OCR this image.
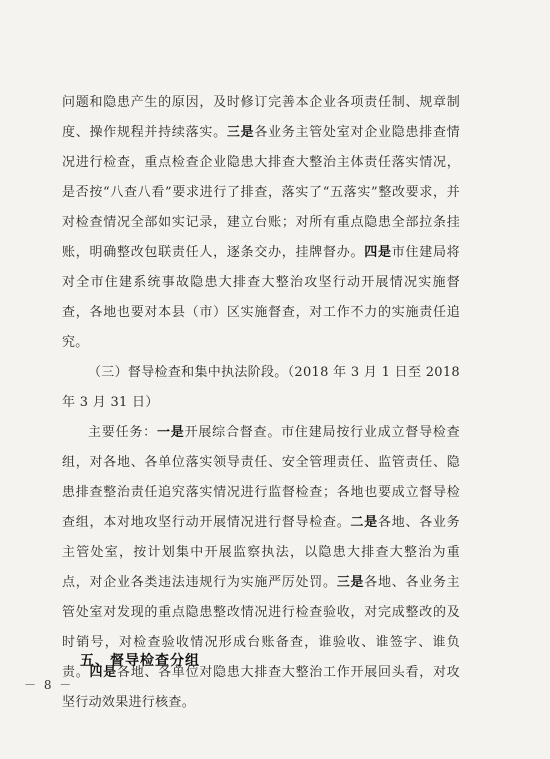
问题和隐患产生的原因，及时修订完善本企业各项责任制、规章制度、操作规程并持续落实。三是各业务主管处室对企业隐患排查情况进行检查，重点检查企业隐患大排查大整治主体责任落实情况，是否按“八查八看”要求进行了排查，落实了“五落实”整改要求，并对检查情况全部如实记录，建立台账；对所有重点隐患全部拉条挂账，明确整改包联责任人，逐条交办，挂牌督办。四是市住建局将对全市住建系统事故隐患大排查大整治攻坚行动开展情况实施督查，各地也要对本县（市）区实施督查，对工作不力的实施责任追究。

（三）督导检查和集中执法阶段。（2018 年 3 月 1 日至 2018 年 3 月 31 日）

主要任务：一是开展综合督查。市住建局按行业成立督导检查组，对各地、各单位落实领导责任、安全管理责任、监管责任、隐患排查整治责任追究落实情况进行监督检查；各地也要成立督导检查组，本对地攻坚行动开展情况进行督导检查。二是各地、各业务主管处室，按计划集中开展监察执法，以隐患大排查大整治为重点，对企业各类违法违规行为实施严厉处罚。三是各地、各业务主管处室对发现的重点隐患整改情况进行检查验收，对完成整改的及时销号，对检查验收情况形成台账备查，谁验收、谁签字、谁负责。四是各地、各单位对隐患大排查大整治工作开展回头看，对攻坚行动效果进行核查。

五、督导检查分组
－ 8 －
